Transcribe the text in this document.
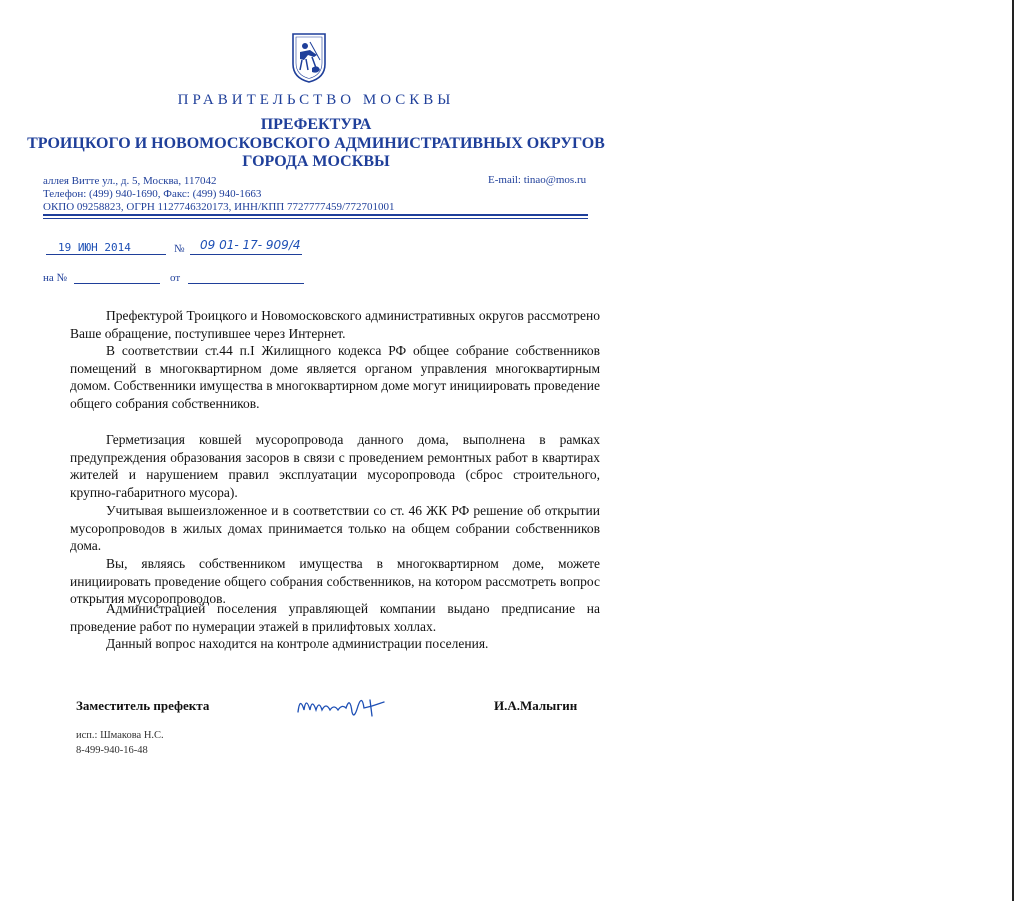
ПРАВИТЕЛЬСТВО МОСКВЫ
ПРЕФЕКТУРА
ТРОИЦКОГО И НОВОМОСКОВСКОГО АДМИНИСТРАТИВНЫХ ОКРУГОВ
ГОРОДА МОСКВЫ
аллея Витте ул., д. 5, Москва, 117042
Телефон: (499) 940-1690, Факс: (499) 940-1663
ОКПО 09258823, ОГРН 1127746320173, ИНН/КПП 7727777459/772701001
E-mail: tinao@mos.ru
19 ИЮН 2014	№ 09 01- 17- 909/4
на №	от
Префектурой Троицкого и Новомосковского административных округов рассмотрено Ваше обращение, поступившее через Интернет.
В соответствии ст.44 п.I Жилищного кодекса РФ общее собрание собственников помещений в многоквартирном доме является органом управления многоквартирным домом. Собственники имущества в многоквартирном доме могут инициировать проведение общего собрания собственников.
Герметизация ковшей мусоропровода данного дома, выполнена в рамках предупреждения образования засоров в связи с проведением ремонтных работ в квартирах жителей и нарушением правил эксплуатации мусоропровода (сброс строительного, крупно-габаритного мусора).
Учитывая вышеизложенное и в соответствии со ст. 46 ЖК РФ решение об открытии мусоропроводов в жилых домах принимается только на общем собрании собственников дома.
Вы, являясь собственником имущества в многоквартирном доме, можете инициировать проведение общего собрания собственников, на котором рассмотреть вопрос открытия мусоропроводов.
Администрацией поселения управляющей компании выдано предписание на проведение работ по нумерации этажей в прилифтовых холлах.
Данный вопрос находится на контроле администрации поселения.
Заместитель префекта	И.А.Малыгин
исп.: Шмакова Н.С.
8-499-940-16-48
